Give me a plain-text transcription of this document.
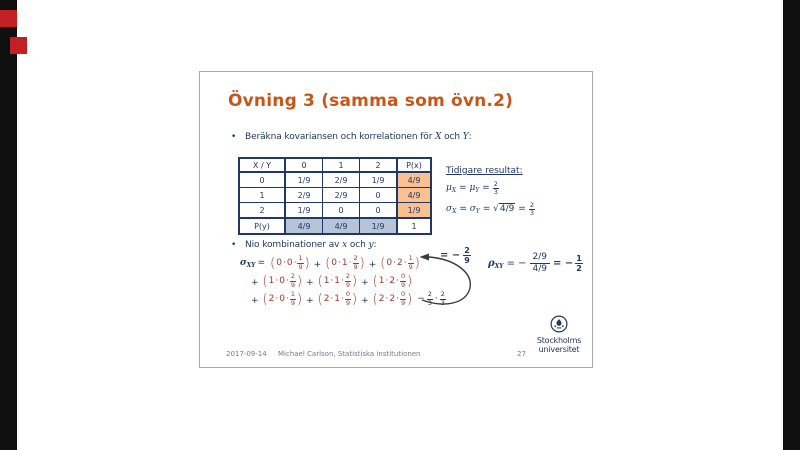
Övning 3 (samma som övn.2)
• Beräkna kovariansen och korrelationen för X och Y:
X / Y	0	1	2	P(x)
0	1/9	2/9	1/9	4/9
1	2/9	2/9	0	4/9
2	1/9	0	0	1/9
P(y)	4/9	4/9	1/9	1
Tidigare resultat:
$\mu_X = \mu_Y = \frac{2}{3}$
$\sigma_X = \sigma_Y = √4/9 = \frac{2}{3}$
• Nio kombinationer av x och y:
$\sigma_{XY}$ = ( 0 · 0 · 1
9 ) + ( 0 · 1 · 2
9 ) + ( 0 · 2 · 1
9 )
+ ( 1 · 0 · 2
9 ) + ( 1 · 1 · 2
9 ) + ( 1 · 2 · 0
9 )
+ ( 2 · 0 · 1
9 ) + ( 2 · 1 · 0
9 ) + ( 2 · 2 · 0
9 ) − $\frac{2}{3} \cdot 2$
3
= − $\frac{2}{9} \rho_{XY}$ = − $\frac{2/9}{4/9}$ = − $\frac{1}{2}$
2017-09-14 Michael Carlson, Statistiska institutionen	27
Stockholms
universitet
